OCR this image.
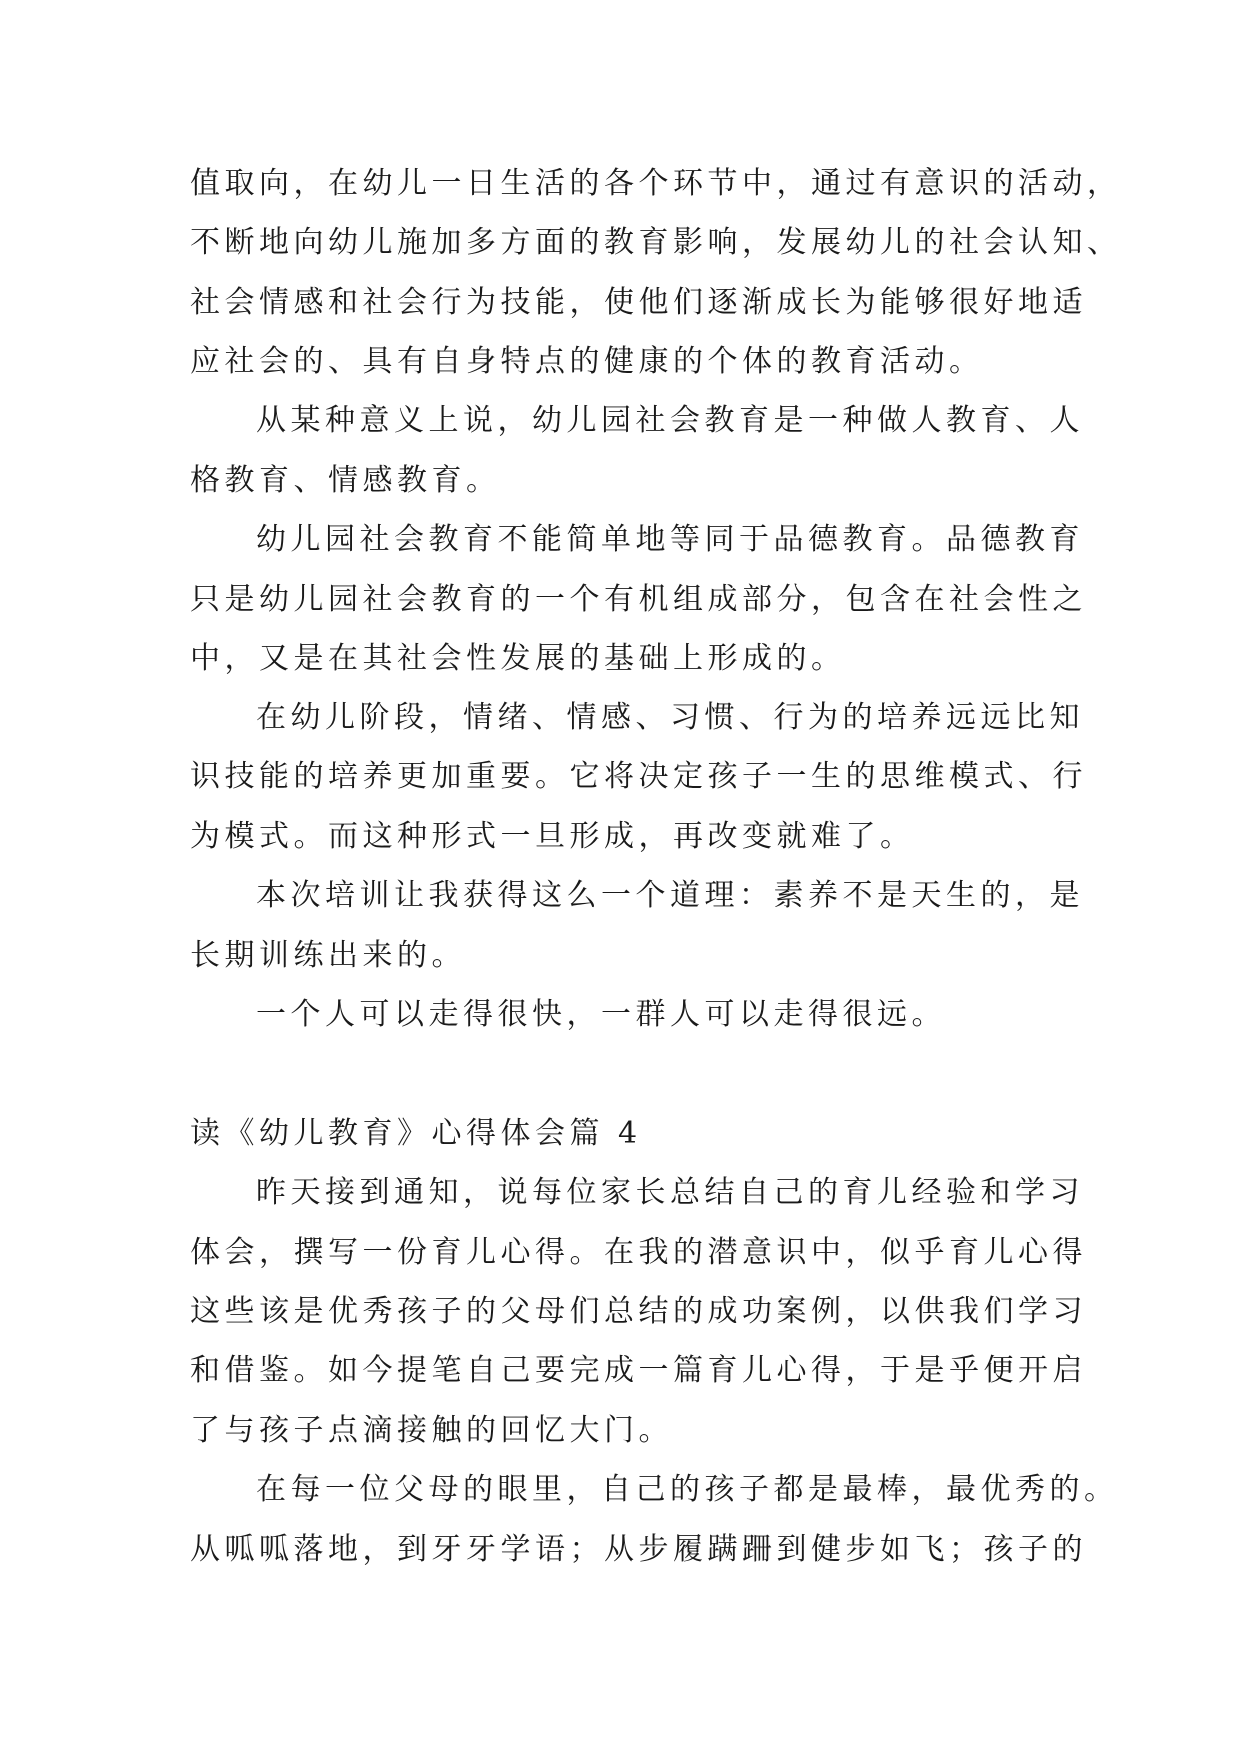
值取向，在幼儿一日生活的各个环节中，通过有意识的活动，
不断地向幼儿施加多方面的教育影响，发展幼儿的社会认知、
社会情感和社会行为技能，使他们逐渐成长为能够很好地适
应社会的、具有自身特点的健康的个体的教育活动。
从某种意义上说，幼儿园社会教育是一种做人教育、人
格教育、情感教育。
幼儿园社会教育不能简单地等同于品德教育。品德教育
只是幼儿园社会教育的一个有机组成部分，包含在社会性之
中，又是在其社会性发展的基础上形成的。
在幼儿阶段，情绪、情感、习惯、行为的培养远远比知
识技能的培养更加重要。它将决定孩子一生的思维模式、行
为模式。而这种形式一旦形成，再改变就难了。
本次培训让我获得这么一个道理：素养不是天生的，是
长期训练出来的。
一个人可以走得很快，一群人可以走得很远。
读《幼儿教育》心得体会篇 4
昨天接到通知，说每位家长总结自己的育儿经验和学习
体会，撰写一份育儿心得。在我的潜意识中，似乎育儿心得
这些该是优秀孩子的父母们总结的成功案例，以供我们学习
和借鉴。如今提笔自己要完成一篇育儿心得，于是乎便开启
了与孩子点滴接触的回忆大门。
在每一位父母的眼里，自己的孩子都是最棒，最优秀的。
从呱呱落地，到牙牙学语；从步履蹒跚到健步如飞；孩子的
